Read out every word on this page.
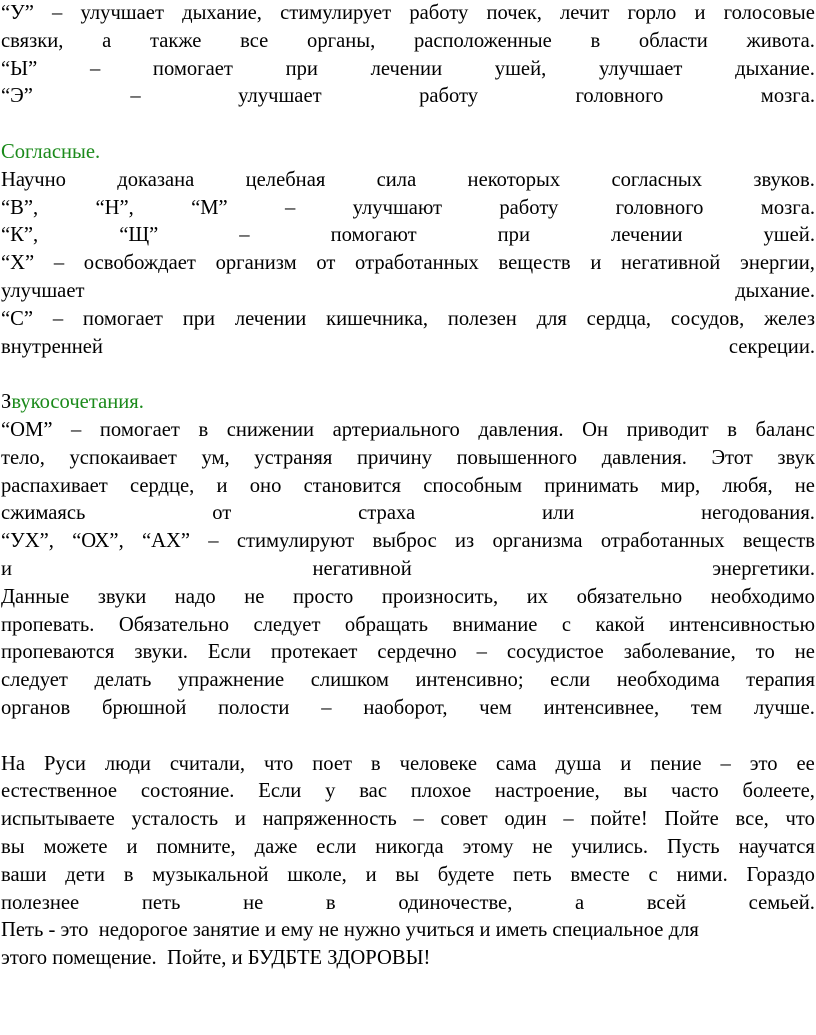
“У” – улучшает дыхание, стимулирует работу почек, лечит горло и голосовые
связки, а также все органы, расположенные в области живота.
“Ы”	–	помогает	при	лечении	ушей,	улучшает	дыхание.
“Э”	–	улучшает	работу	головного	мозга.
Согласные.
Научно доказана целебная сила некоторых согласных звуков.
“В”,	“Н”,	“М”	–	улучшают	работу	головного	мозга.
“К”,	“Щ”	–	помогают	при	лечении	ушей.
“Х” – освобождает организм от отработанных веществ и негативной энергии,
улучшает	дыхание.
“С” – помогает при лечении кишечника, полезен для сердца, сосудов, желез
внутренней	секреции.
Звукосочетания.
“ОМ” – помогает в снижении артериального давления. Он приводит в баланс
тело, успокаивает ум, устраняя причину повышенного давления. Этот звук
распахивает сердце, и оно становится способным принимать мир, любя, не
сжимаясь	от	страха	или	негодования.
“УХ”, “ОХ”, “АХ” – стимулируют выброс из организма отработанных веществ
и	негативной	энергетики.
Данные звуки надо не просто произносить, их обязательно необходимо
пропевать. Обязательно следует обращать внимание с какой интенсивностью
пропеваются звуки. Если протекает сердечно – сосудистое заболевание, то не
следует делать упражнение слишком интенсивно; если необходима терапия
органов брюшной полости – наоборот, чем интенсивнее, тем лучше.
На Руси люди считали, что поет в человеке сама душа и пение – это ее
естественное состояние. Если у вас плохое настроение, вы часто болеете,
испытываете усталость и напряженность – совет один – пойте! Пойте все, что
вы можете и помните, даже если никогда этому не учились. Пусть научатся
ваши дети в музыкальной школе, и вы будете петь вместе с ними. Гораздо
полезнее	петь	не	в	одиночестве,	а	всей	семьей.
Петь - это  недорогое занятие и ему не нужно учиться и иметь специальное для
этого помещение.  Пойте, и БУДБТЕ ЗДОРОВЫ!
